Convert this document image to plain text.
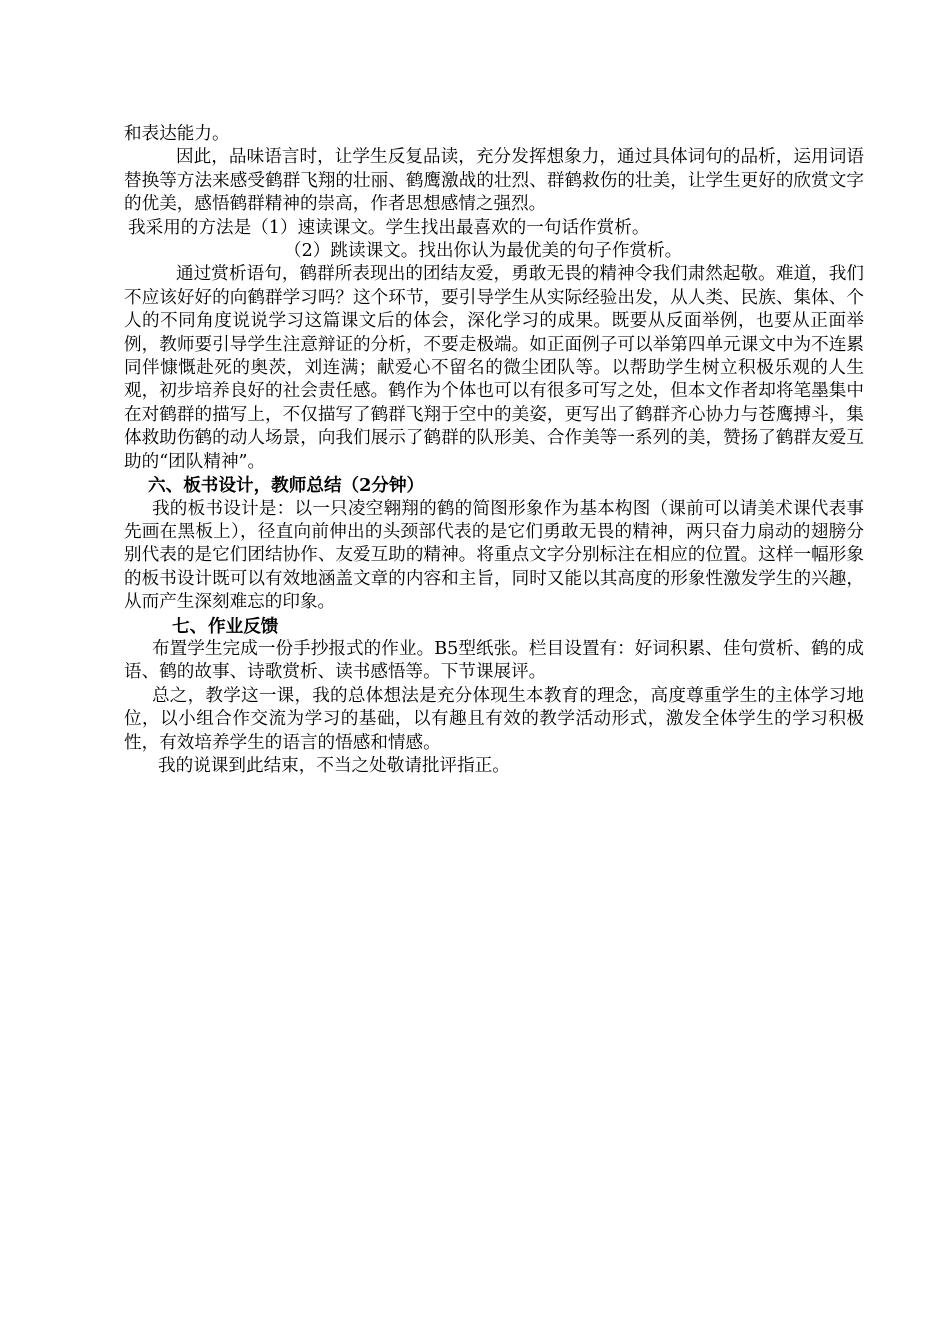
和表达能力。

因此，品味语言时，让学生反复品读，充分发挥想象力，通过具体词句的品析，运用词语替换等方法来感受鹤群飞翔的壮丽、鹤鹰激战的壮烈、群鹤救伤的壮美，让学生更好的欣赏文字的优美，感悟鹤群精神的崇高，作者思想感情之强烈。

我采用的方法是（1）速读课文。学生找出最喜欢的一句话作赏析。

（2）跳读课文。找出你认为最优美的句子作赏析。

通过赏析语句，鹤群所表现出的团结友爱，勇敢无畏的精神令我们肃然起敬。难道，我们不应该好好的向鹤群学习吗？这个环节，要引导学生从实际经验出发，从人类、民族、集体、个人的不同角度说说学习这篇课文后的体会，深化学习的成果。既要从反面举例，也要从正面举例，教师要引导学生注意辩证的分析，不要走极端。如正面例子可以举第四单元课文中为不连累同伴慷慨赴死的奥茨，刘连满；献爱心不留名的微尘团队等。以帮助学生树立积极乐观的人生观，初步培养良好的社会责任感。鹤作为个体也可以有很多可写之处，但本文作者却将笔墨集中在对鹤群的描写上，不仅描写了鹤群飞翔于空中的美姿，更写出了鹤群齐心协力与苍鹰搏斗，集体救助伤鹤的动人场景，向我们展示了鹤群的队形美、合作美等一系列的美，赞扬了鹤群友爱互助的“团队精神”。

六、板书设计，教师总结（2分钟）

我的板书设计是：以一只凌空翱翔的鹤的简图形象作为基本构图（课前可以请美术课代表事先画在黑板上），径直向前伸出的头颈部代表的是它们勇敢无畏的精神，两只奋力扇动的翅膀分别代表的是它们团结协作、友爱互助的精神。将重点文字分别标注在相应的位置。这样一幅形象的板书设计既可以有效地涵盖文章的内容和主旨，同时又能以其高度的形象性激发学生的兴趣，从而产生深刻难忘的印象。

七、作业反馈

布置学生完成一份手抄报式的作业。B5型纸张。栏目设置有：好词积累、佳句赏析、鹤的成语、鹤的故事、诗歌赏析、读书感悟等。下节课展评。

总之，教学这一课，我的总体想法是充分体现生本教育的理念，高度尊重学生的主体学习地位，以小组合作交流为学习的基础，以有趣且有效的教学活动形式，激发全体学生的学习积极性，有效培养学生的语言的悟感和情感。

我的说课到此结束，不当之处敬请批评指正。
